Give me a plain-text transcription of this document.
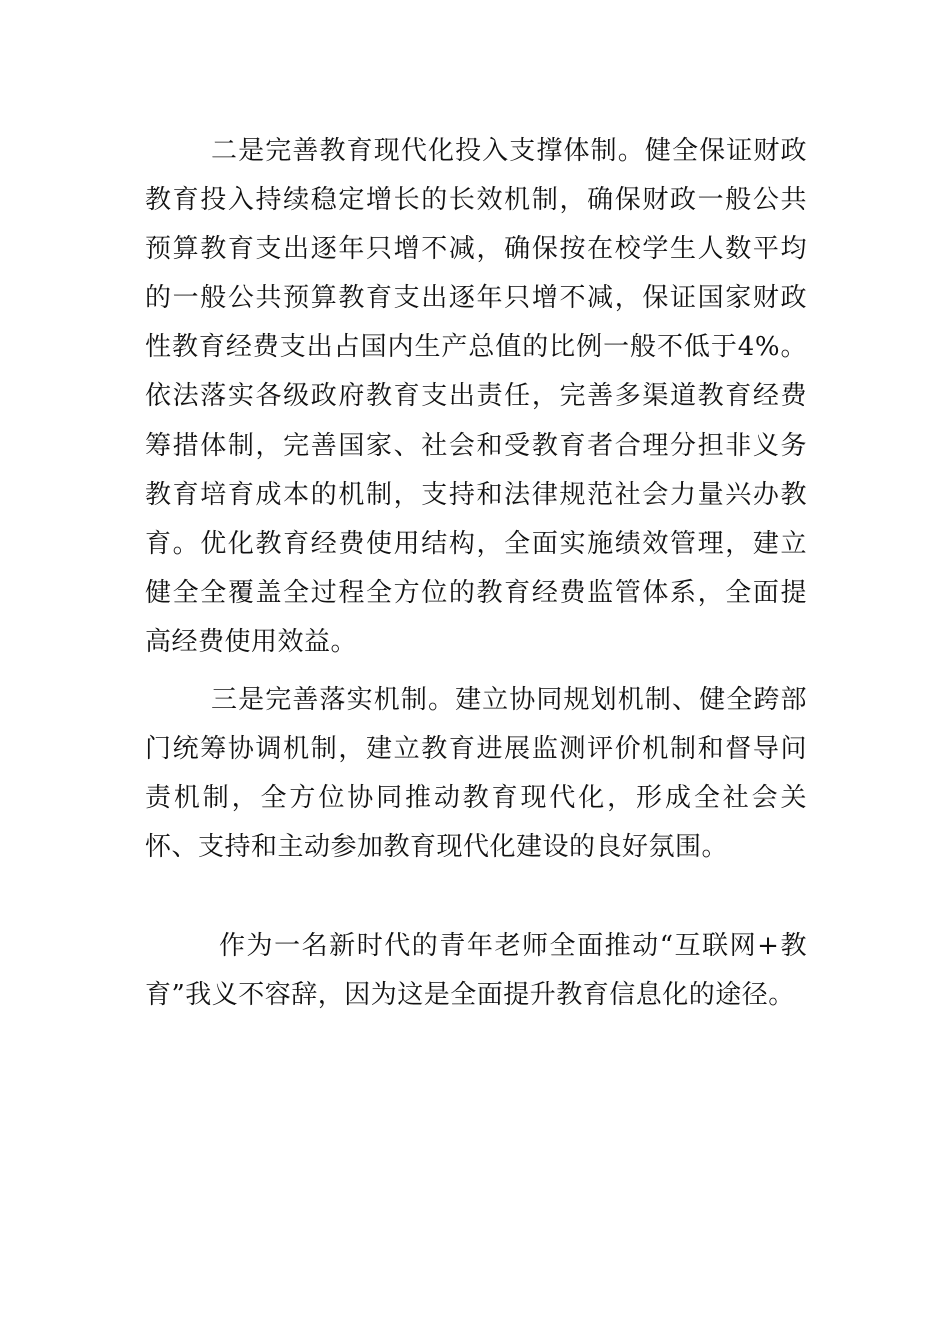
二是完善教育现代化投入支撑体制。健全保证财政教育投入持续稳定增长的长效机制，确保财政一般公共预算教育支出逐年只增不减，确保按在校学生人数平均的一般公共预算教育支出逐年只增不减，保证国家财政性教育经费支出占国内生产总值的比例一般不低于4%。依法落实各级政府教育支出责任，完善多渠道教育经费筹措体制，完善国家、社会和受教育者合理分担非义务教育培育成本的机制，支持和法律规范社会力量兴办教育。优化教育经费使用结构，全面实施绩效管理，建立健全全覆盖全过程全方位的教育经费监管体系，全面提高经费使用效益。

三是完善落实机制。建立协同规划机制、健全跨部门统筹协调机制，建立教育进展监测评价机制和督导问责机制，全方位协同推动教育现代化，形成全社会关怀、支持和主动参加教育现代化建设的良好氛围。

作为一名新时代的青年老师全面推动“互联网+教育”我义不容辞，因为这是全面提升教育信息化的途径。
